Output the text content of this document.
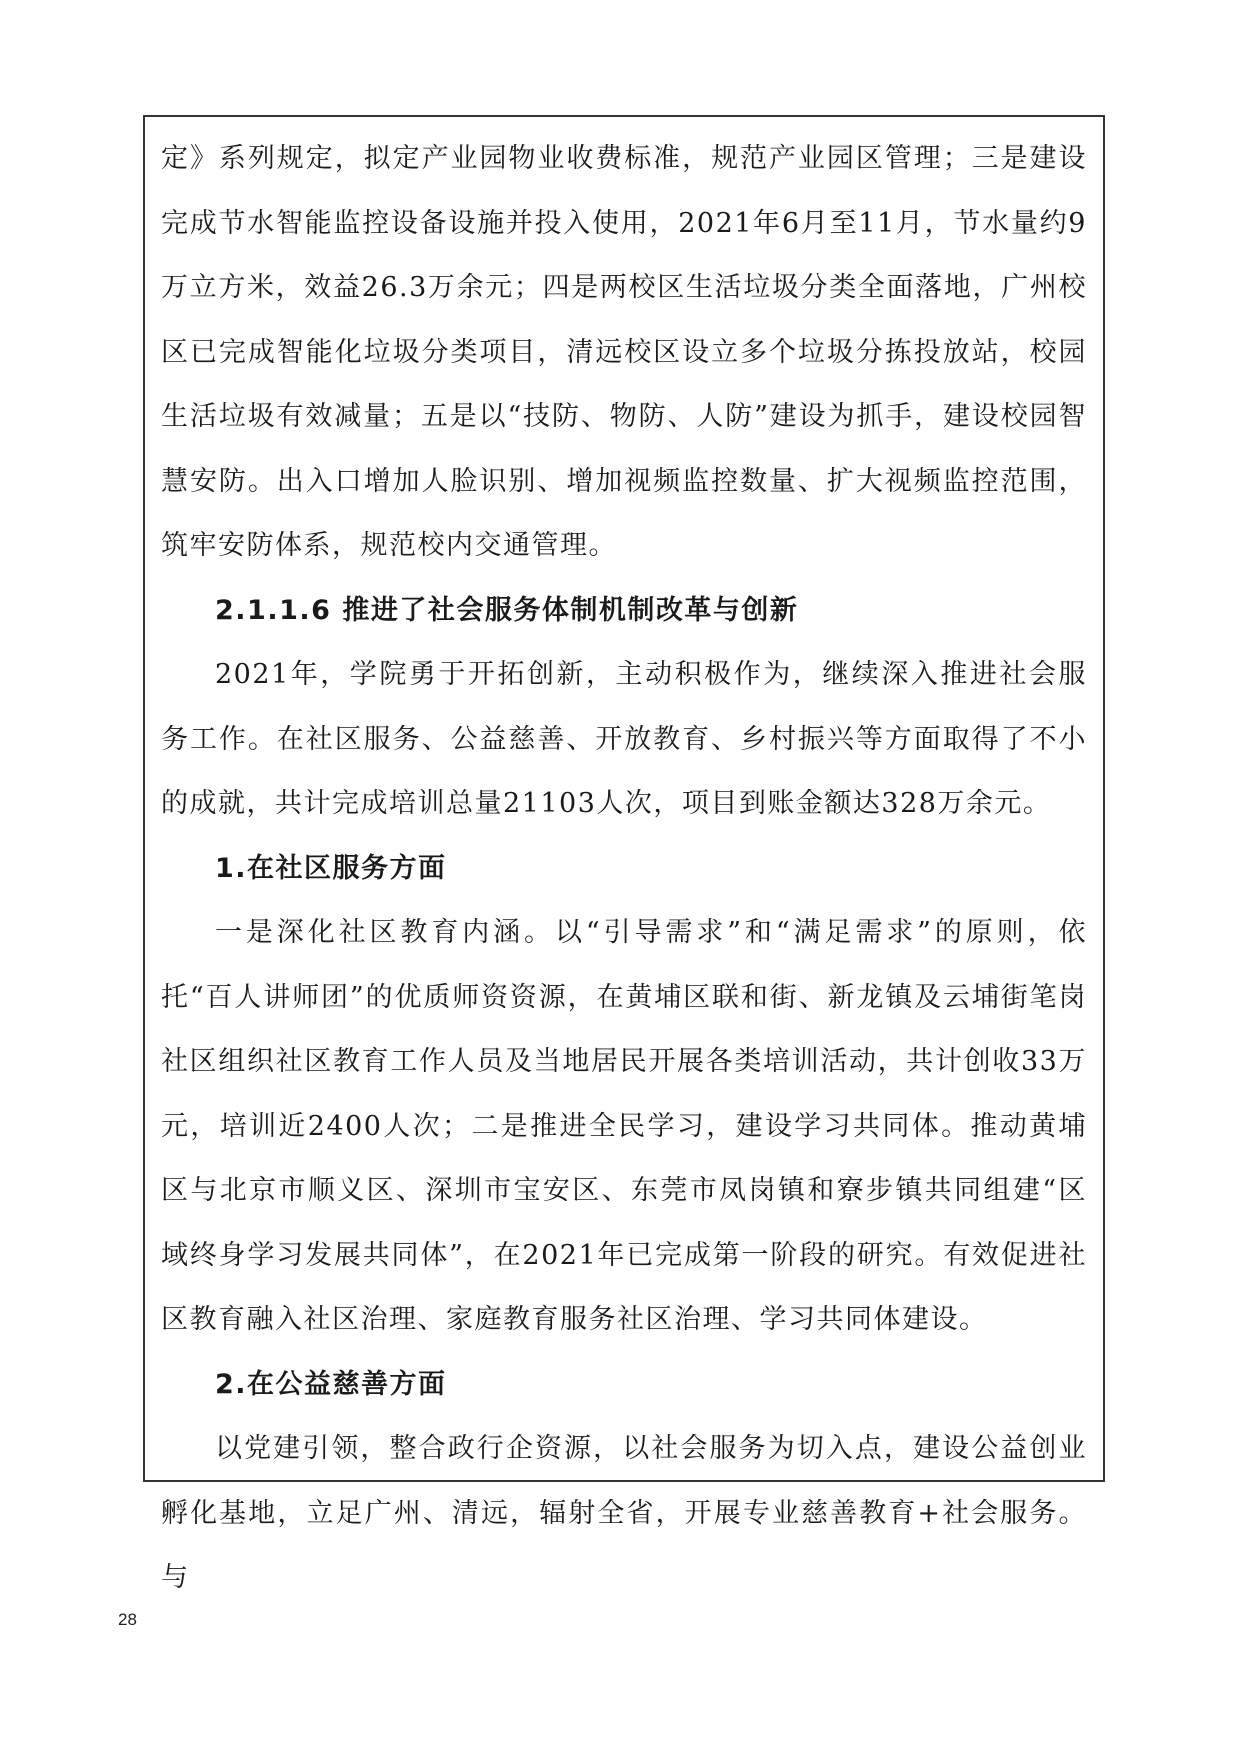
定》系列规定，拟定产业园物业收费标准，规范产业园区管理；三是建设完成节水智能监控设备设施并投入使用，2021年6月至11月，节水量约9万立方米，效益26.3万余元；四是两校区生活垃圾分类全面落地，广州校区已完成智能化垃圾分类项目，清远校区设立多个垃圾分拣投放站，校园生活垃圾有效减量；五是以“技防、物防、人防”建设为抓手，建设校园智慧安防。出入口增加人脸识别、增加视频监控数量、扩大视频监控范围，筑牢安防体系，规范校内交通管理。

2.1.1.6 推进了社会服务体制机制改革与创新

2021年，学院勇于开拓创新，主动积极作为，继续深入推进社会服务工作。在社区服务、公益慈善、开放教育、乡村振兴等方面取得了不小的成就，共计完成培训总量21103人次，项目到账金额达328万余元。

1.在社区服务方面

一是深化社区教育内涵。以“引导需求”和“满足需求”的原则，依托“百人讲师团”的优质师资资源，在黄埔区联和街、新龙镇及云埔街笔岗社区组织社区教育工作人员及当地居民开展各类培训活动，共计创收33万元，培训近2400人次；二是推进全民学习，建设学习共同体。推动黄埔区与北京市顺义区、深圳市宝安区、东莞市凤岗镇和寮步镇共同组建“区域终身学习发展共同体”，在2021年已完成第一阶段的研究。有效促进社区教育融入社区治理、家庭教育服务社区治理、学习共同体建设。

2.在公益慈善方面

以党建引领，整合政行企资源，以社会服务为切入点，建设公益创业孵化基地，立足广州、清远，辐射全省，开展专业慈善教育+社会服务。与

28
